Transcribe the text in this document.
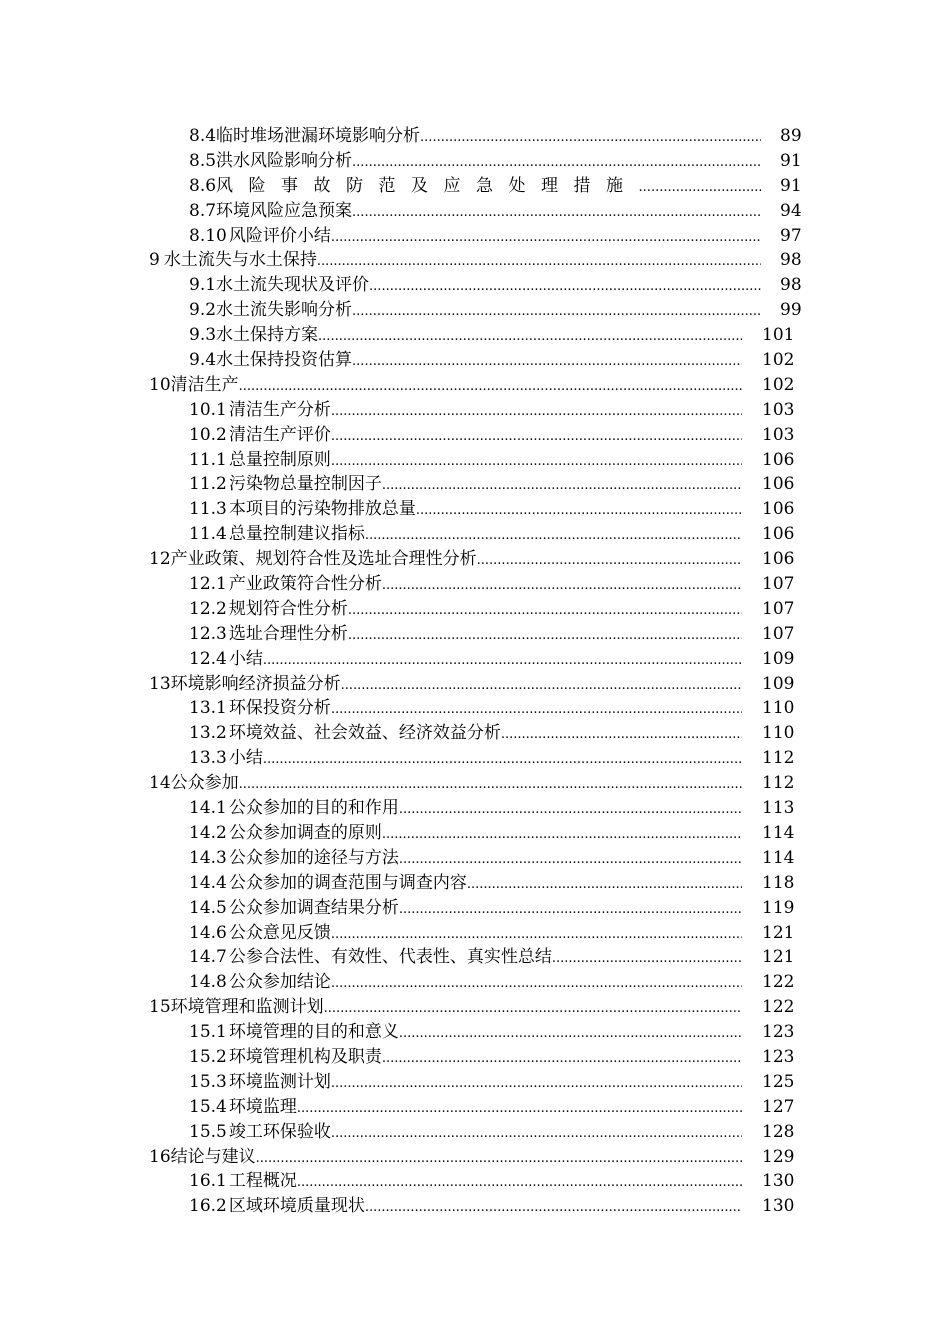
8.4 临时堆场泄漏环境影响分析 .....	89
8.5 洪水风险影响分析 .....	91
8.6 风险事故防范及应急处理措施 .....	91
8.7 环境风险应急预案 .....	94
8.10 风险评价小结 .....	97
9 水土流失与水土保持 .....	98
9.1 水土流失现状及评价 .....	98
9.2 水土流失影响分析 .....	99
9.3 水土保持方案 .....	101
9.4 水土保持投资估算 .....	102
10 清洁生产 .....	102
10.1 清洁生产分析 .....	103
10.2 清洁生产评价 .....	103
11.1 总量控制原则 .....	106
11.2 污染物总量控制因子 .....	106
11.3 本项目的污染物排放总量 .....	106
11.4 总量控制建议指标 .....	106
12 产业政策、规划符合性及选址合理性分析 .....	106
12.1 产业政策符合性分析 .....	107
12.2 规划符合性分析 .....	107
12.3 选址合理性分析 .....	107
12.4 小结 .....	109
13 环境影响经济损益分析 .....	109
13.1 环保投资分析 .....	110
13.2 环境效益、社会效益、经济效益分析 .....	110
13.3 小结 .....	112
14 公众参加 .....	112
14.1 公众参加的目的和作用 .....	113
14.2 公众参加调查的原则 .....	114
14.3 公众参加的途径与方法 .....	114
14.4 公众参加的调查范围与调查内容 .....	118
14.5 公众参加调查结果分析 .....	119
14.6 公众意见反馈 .....	121
14.7 公参合法性、有效性、代表性、真实性总结 .....	121
14.8 公众参加结论 .....	122
15 环境管理和监测计划 .....	122
15.1 环境管理的目的和意义 .....	123
15.2 环境管理机构及职责 .....	123
15.3 环境监测计划 .....	125
15.4 环境监理 .....	127
15.5 竣工环保验收 .....	128
16 结论与建议 .....	129
16.1 工程概况 .....	130
16.2 区域环境质量现状 .....	130
